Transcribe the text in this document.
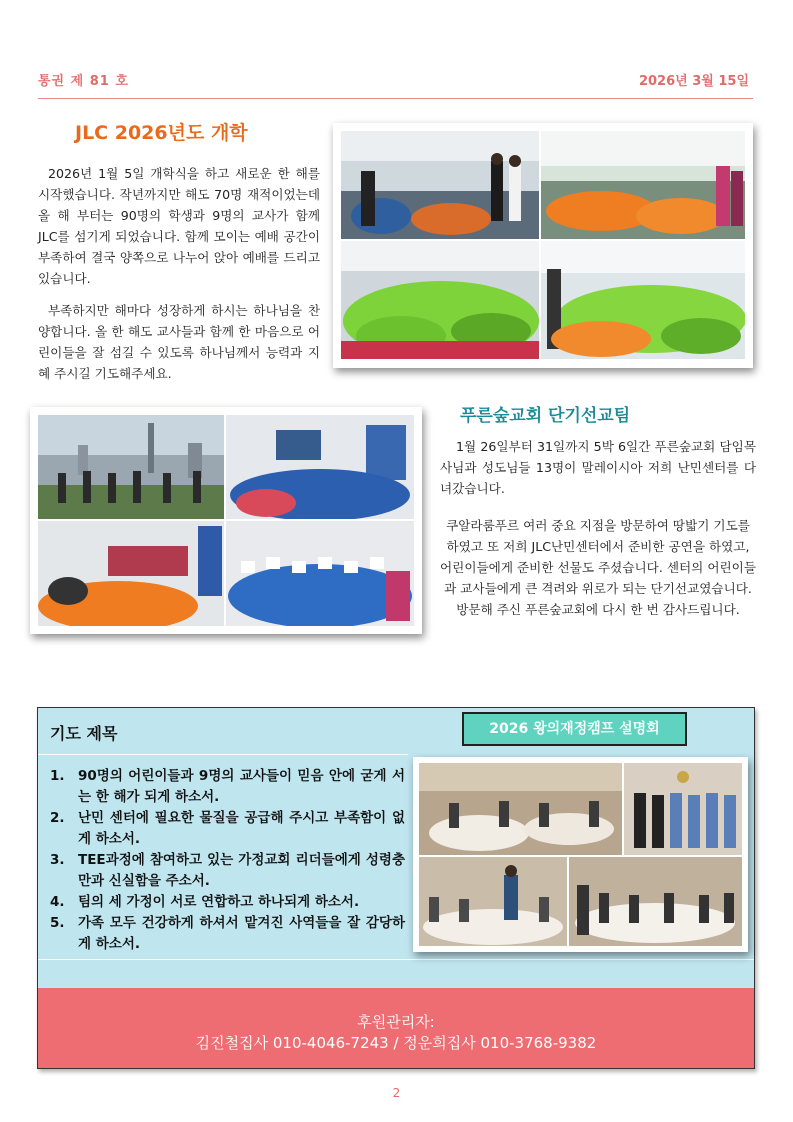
통권 제 81 호	2026년 3월 15일
JLC 2026년도 개학
2026년 1월 5일 개학식을 하고 새로운 한 해를 시작했습니다. 작년까지만 해도 70명 재적이었는데 올 해 부터는 90명의 학생과 9명의 교사가 함께 JLC를 섬기게 되었습니다. 함께 모이는 예배 공간이 부족하여 결국 양쪽으로 나누어 앉아 예배를 드리고 있습니다.
부족하지만 해마다 성장하게 하시는 하나님을 찬양합니다. 올 한 해도 교사들과 함께 한 마음으로 어린이들을 잘 섬길 수 있도록 하나님께서 능력과 지혜 주시길 기도해주세요.
푸른숲교회 단기선교팀
1월 26일부터 31일까지 5박 6일간 푸른숲교회 담임목사님과 성도님들 13명이 말레이시아 저희 난민센터를 다녀갔습니다.
쿠알라룸푸르 여러 중요 지점을 방문하여 땅밟기 기도를 하였고 또 저희 JLC난민센터에서 준비한 공연을 하였고, 어린이들에게 준비한 선물도 주셨습니다. 센터의 어린이들과 교사들에게 큰 격려와 위로가 되는 단기선교였습니다. 방문해 주신 푸른숲교회에 다시 한 번 감사드립니다.
기도 제목	2026 왕의재정캠프 설명회
1. 90명의 어린이들과 9명의 교사들이 믿음 안에 굳게 서는 한 해가 되게 하소서.
2. 난민 센터에 필요한 물질을 공급해 주시고 부족함이 없게 하소서.
3. TEE과정에 참여하고 있는 가정교회 리더들에게 성령충만과 신실함을 주소서.
4. 팀의 세 가정이 서로 연합하고 하나되게 하소서.
5. 가족 모두 건강하게 하셔서 맡겨진 사역들을 잘 감당하게 하소서.
후원관리자:
김진철집사 010-4046-7243 / 정운희집사 010-3768-9382
2
